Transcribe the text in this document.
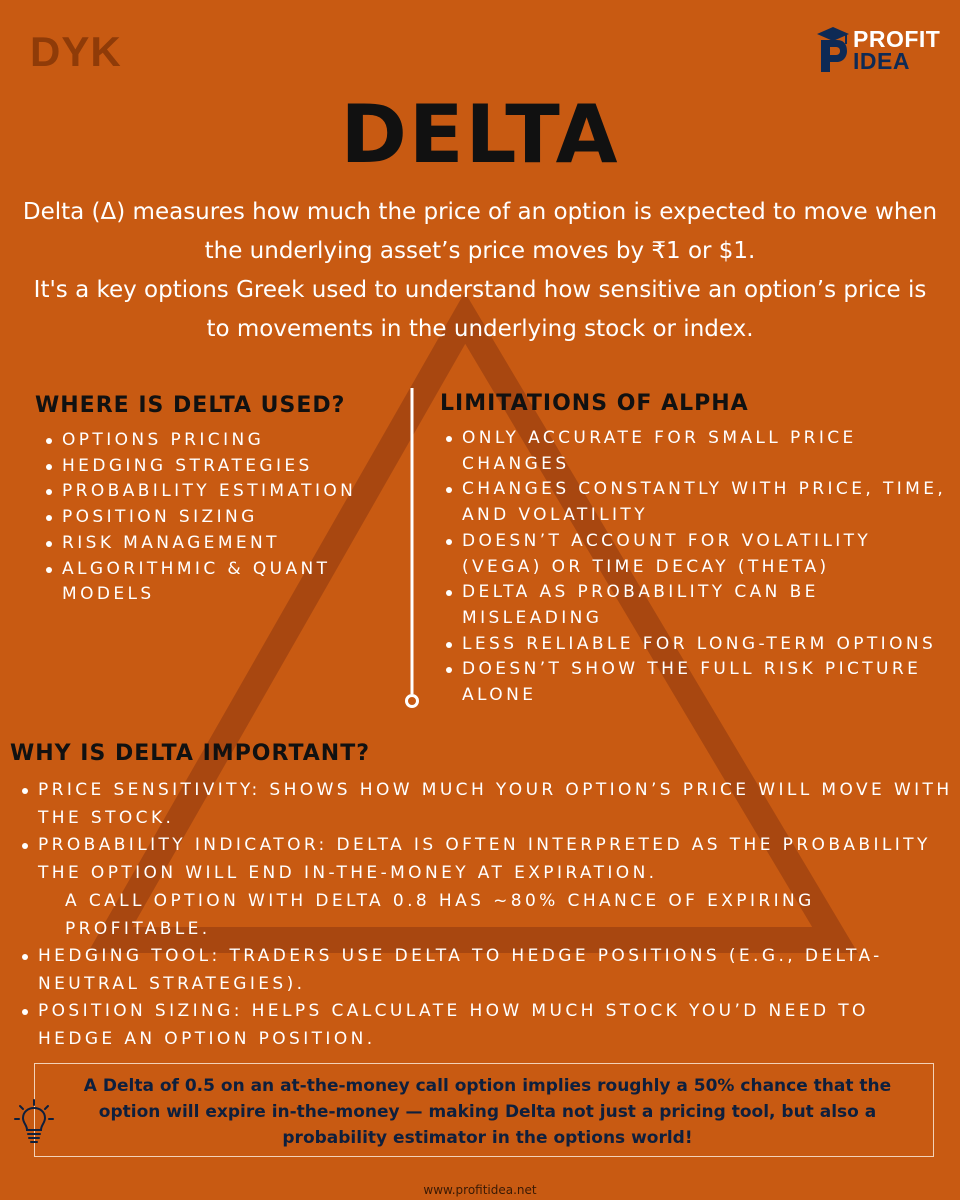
DYK	PROFIT
IDEA
DELTA

Delta (Δ) measures how much the price of an option is expected to move when the underlying asset’s price moves by ₹1 or $1.

It's a key options Greek used to understand how sensitive an option’s price is to movements in the underlying stock or index.

WHERE IS DELTA USED?
OPTIONS PRICING
HEDGING STRATEGIES
PROBABILITY ESTIMATION
POSITION SIZING
RISK MANAGEMENT
ALGORITHMIC & QUANT MODELS
LIMITATIONS OF ALPHA
ONLY ACCURATE FOR SMALL PRICE CHANGES
CHANGES CONSTANTLY WITH PRICE, TIME, AND VOLATILITY
DOESN’T ACCOUNT FOR VOLATILITY (VEGA) OR TIME DECAY (THETA)
DELTA AS PROBABILITY CAN BE MISLEADING
LESS RELIABLE FOR LONG-TERM OPTIONS
DOESN’T SHOW THE FULL RISK PICTURE ALONE
WHY IS DELTA IMPORTANT?
PRICE SENSITIVITY: SHOWS HOW MUCH YOUR OPTION’S PRICE WILL MOVE WITH THE STOCK.
PROBABILITY INDICATOR: DELTA IS OFTEN INTERPRETED AS THE PROBABILITY THE OPTION WILL END IN-THE-MONEY AT EXPIRATION.
A CALL OPTION WITH DELTA 0.8 HAS ~80% CHANCE OF EXPIRING PROFITABLE.
HEDGING TOOL: TRADERS USE DELTA TO HEDGE POSITIONS (E.G., DELTA-NEUTRAL STRATEGIES).
POSITION SIZING: HELPS CALCULATE HOW MUCH STOCK YOU’D NEED TO HEDGE AN OPTION POSITION.
A Delta of 0.5 on an at-the-money call option implies roughly a 50% chance that the option will expire in-the-money — making Delta not just a pricing tool, but also a probability estimator in the options world!
www.profitidea.net
